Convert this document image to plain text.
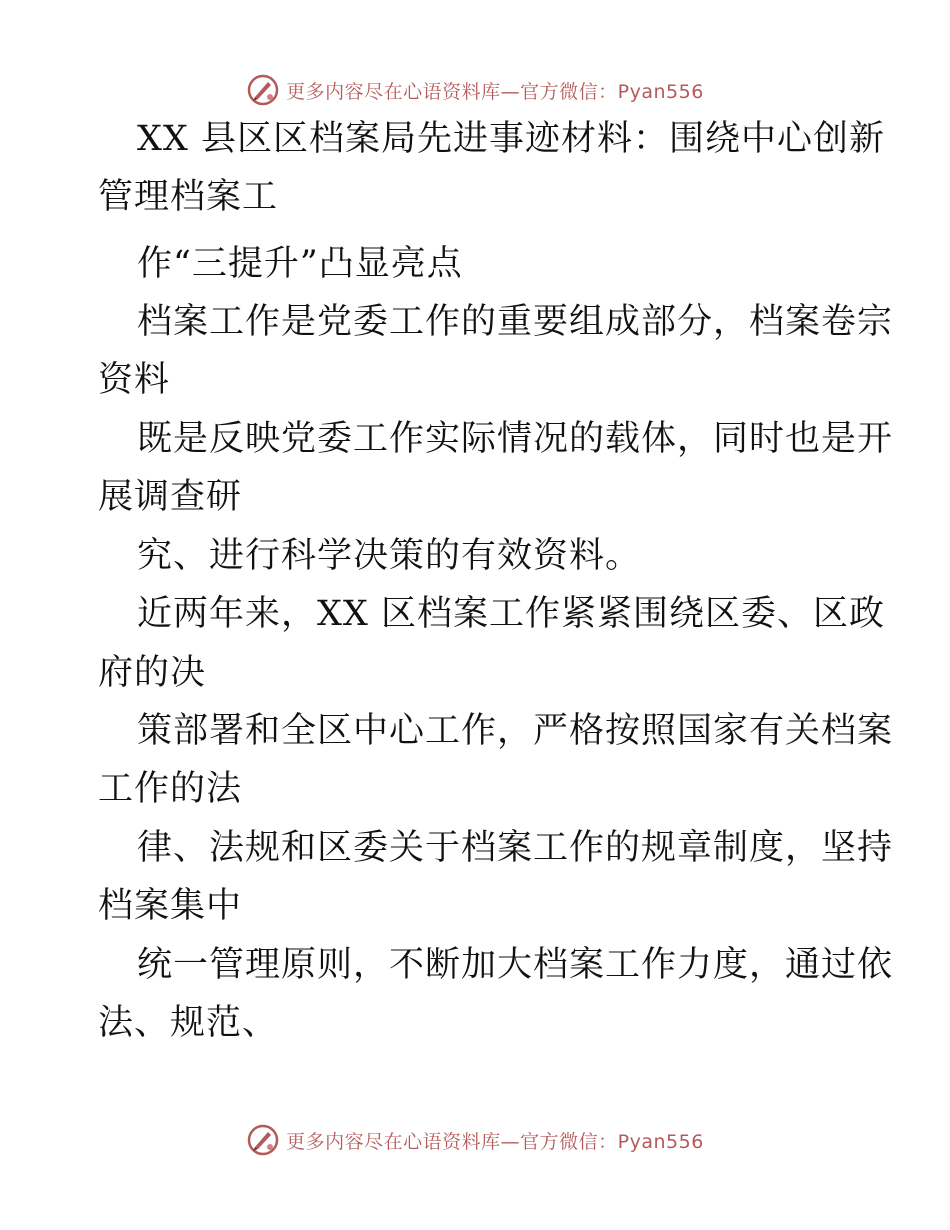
更多内容尽在心语资料库—官方微信：Pyan556
XX 县区区档案局先进事迹材料：围绕中心创新
管理档案工
作“三提升”凸显亮点
档案工作是党委工作的重要组成部分，档案卷宗
资料
既是反映党委工作实际情况的载体，同时也是开
展调查研
究、进行科学决策的有效资料。
近两年来，XX 区档案工作紧紧围绕区委、区政
府的决
策部署和全区中心工作，严格按照国家有关档案
工作的法
律、法规和区委关于档案工作的规章制度，坚持
档案集中
统一管理原则，不断加大档案工作力度，通过依
法、规范、
更多内容尽在心语资料库—官方微信：Pyan556
